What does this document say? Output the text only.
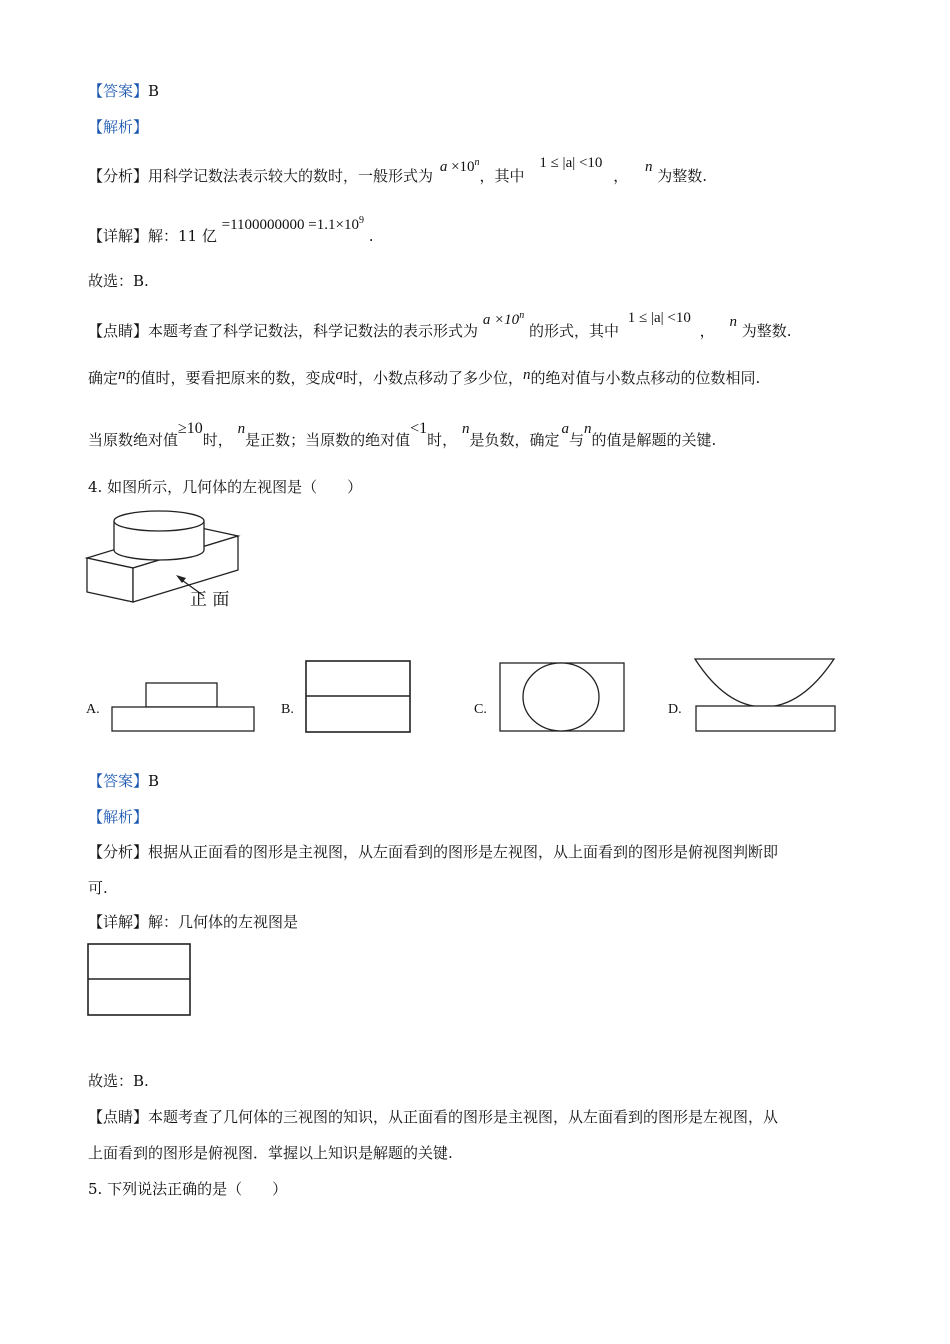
【答案】B
【解析】
【分析】用科学记数法表示较大的数时，一般形式为 $a \times 10^n$，其中 1 ≤ |a| <10 ， n 为整数.
【详解】解：11 亿 $=1100000000 =1.1\times 10^9$ .
故选：B.
【点睛】本题考查了科学记数法，科学记数法的表示形式为 $a \times 10^n$ 的形式，其中 1 ≤ |a| <10 ， n 为整数.
确定n的值时，要看把原来的数，变成a时，小数点移动了多少位，n的绝对值与小数点移动的位数相同.
当原数绝对值≥10时， n是正数；当原数的绝对值<1时， n是负数，确定a与n的值是解题的关键.
4. 如图所示，几何体的左视图是（　　）
正 面
A.	B.	C.	D.
【答案】B
【解析】
【分析】根据从正面看的图形是主视图，从左面看到的图形是左视图，从上面看到的图形是俯视图判断即
可.
【详解】解：几何体的左视图是
故选：B.
【点睛】本题考查了几何体的三视图的知识，从正面看的图形是主视图，从左面看到的图形是左视图，从
上面看到的图形是俯视图．掌握以上知识是解题的关键.
5. 下列说法正确的是（　　）
